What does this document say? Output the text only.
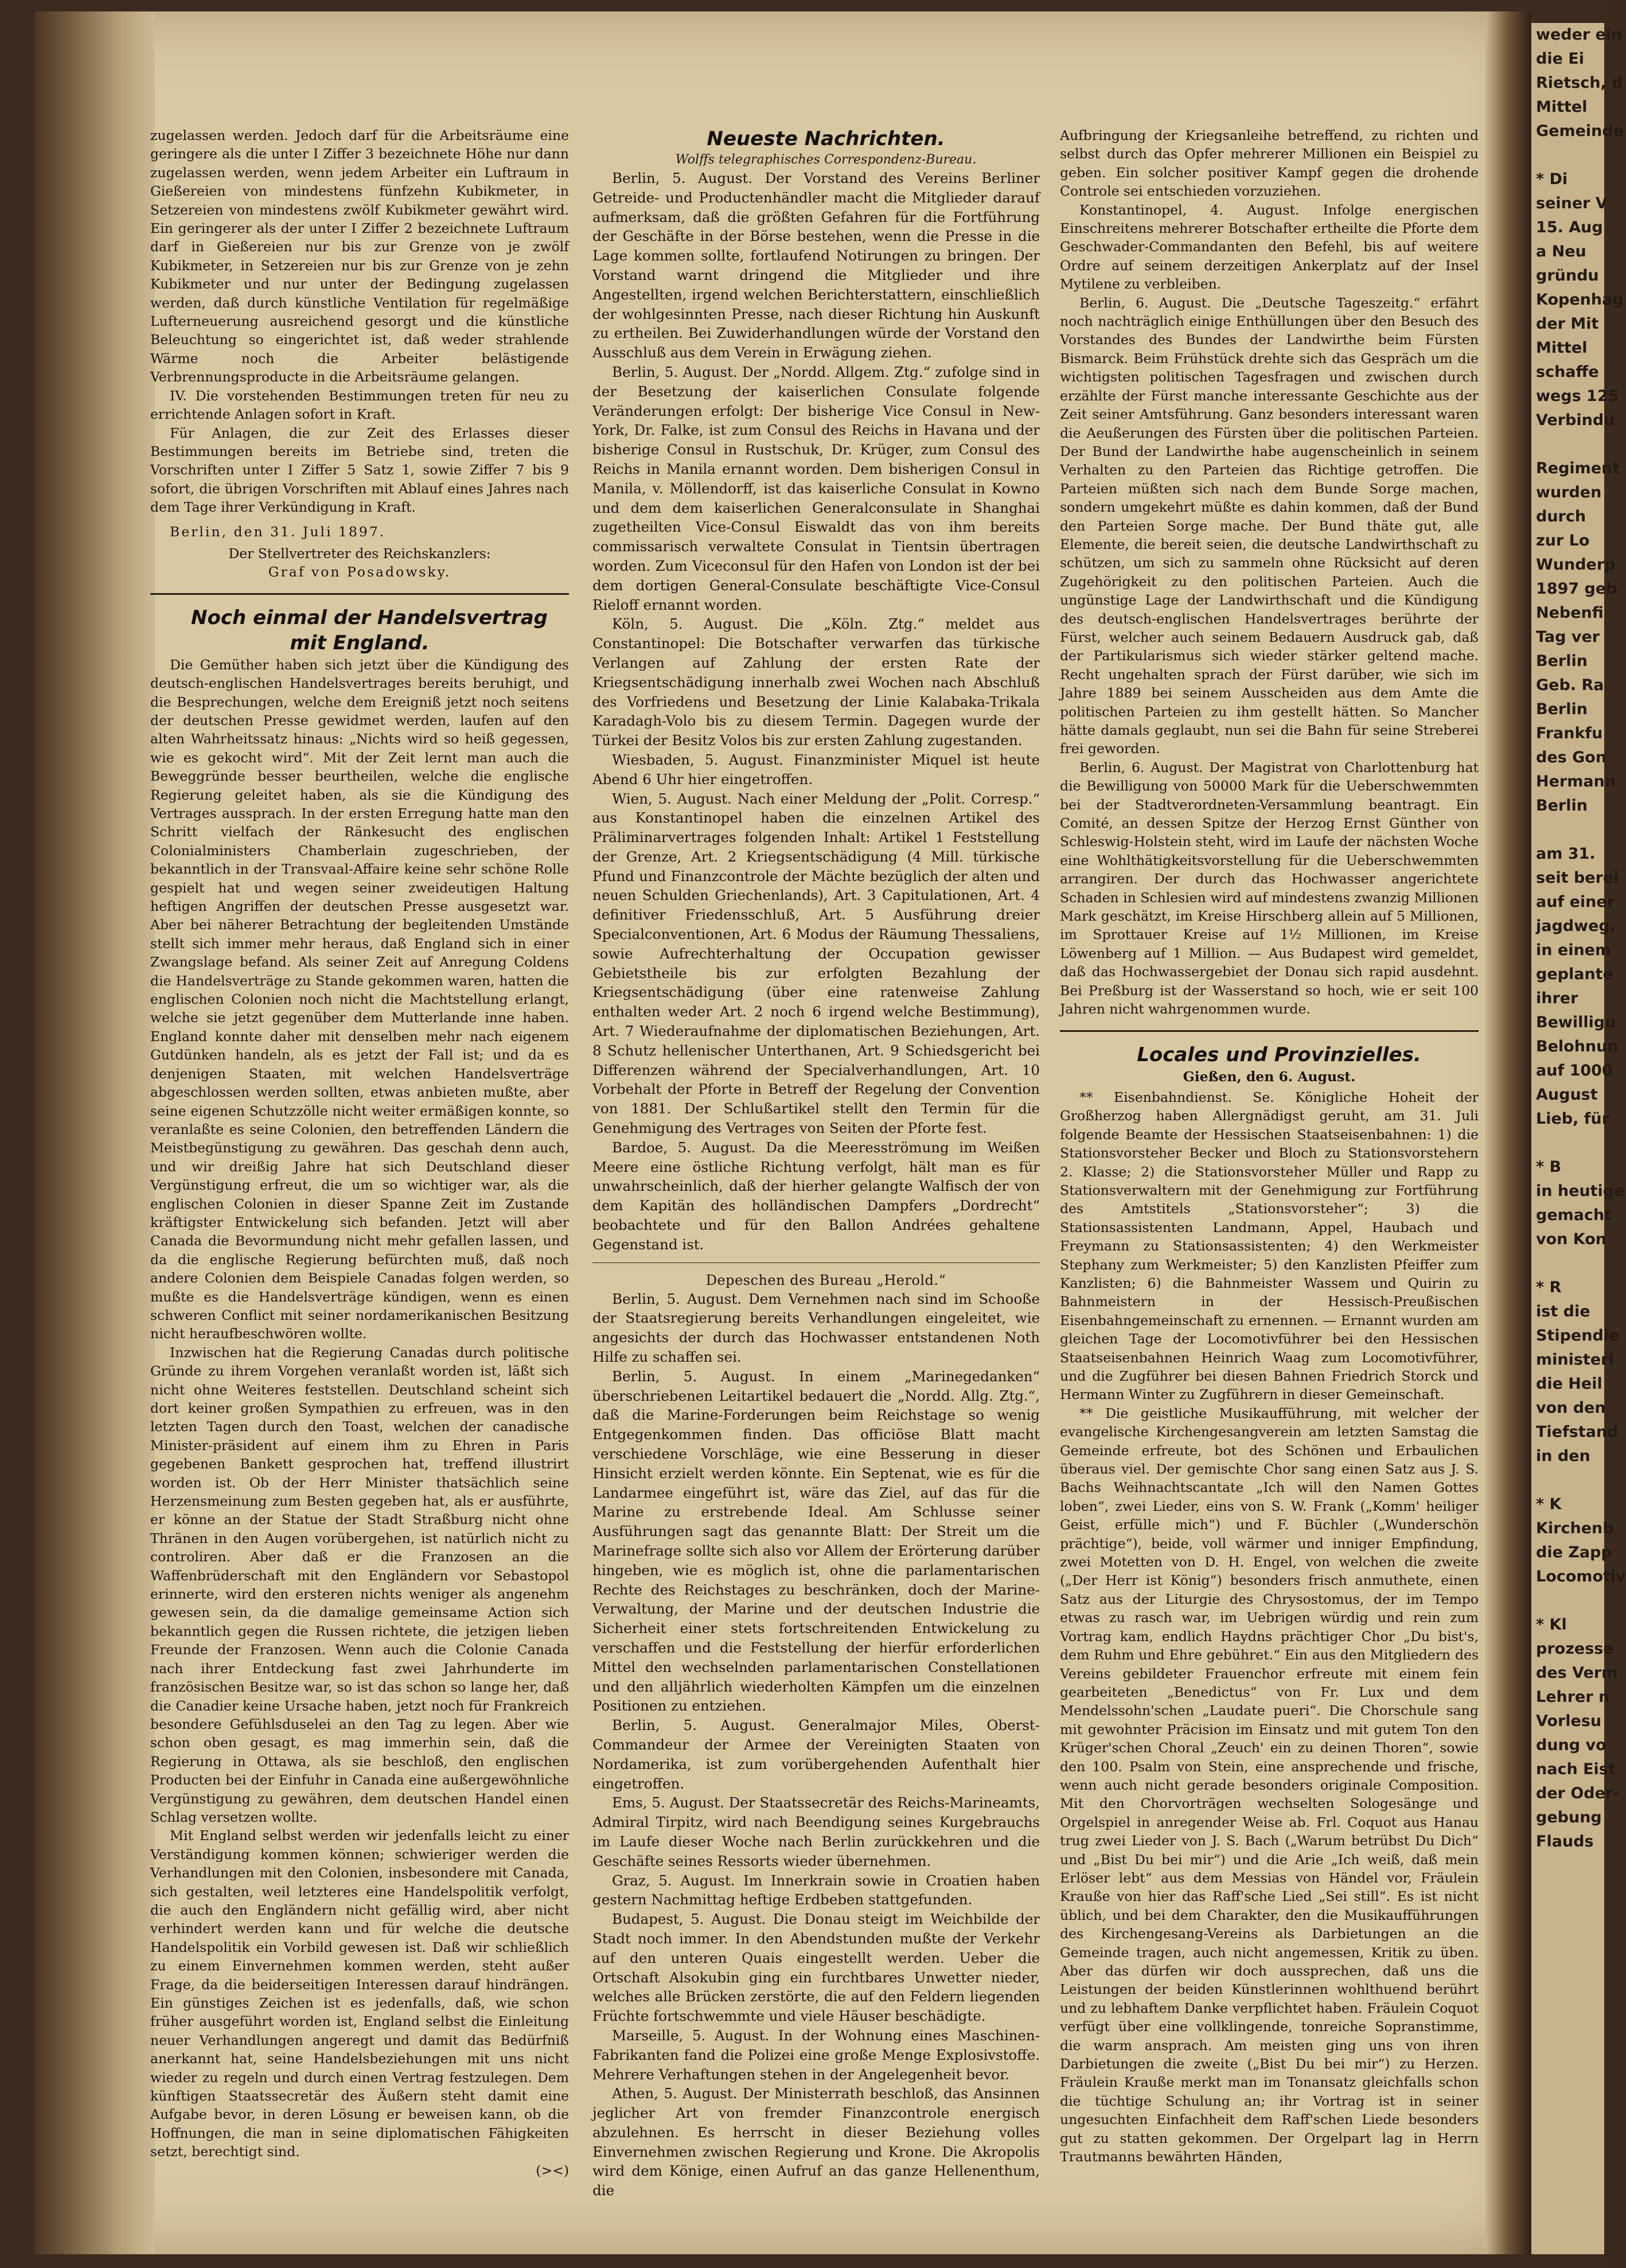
weder ein
die Ei
Rietsch, d
Mittel
Gemeinde

* Di
seiner V
15. Aug
a Neu
gründu
Kopenhag
der Mit
Mittel
schaffe
wegs 125
Verbindu

Regiment
wurden
durch
zur Lo
Wunderp
1897 geb
Nebenfi
Tag ver
Berlin
Geb. Ra
Berlin
Frankfu
des Gon
Hermann
Berlin

am 31.
seit berei
auf einer
jagdweg,
in einem
geplante
ihrer
Bewilligu
Belohnun
auf 1000
August
Lieb, für

* B
in heutige
gemacht
von Kon

* R
ist die
Stipendie
ministeri
die Heil
von den
Tiefstand
in den

* K
Kirchenb
die Zapp
Locomotiv

* Kl
prozesse
des Verm
Lehrer n
Vorlesu
dung vo
nach Eist
der Oder-
gebung
Flauds

zugelassen werden. Jedoch darf für die Arbeitsräume eine geringere als die unter I Ziffer 3 bezeichnete Höhe nur dann zugelassen werden, wenn jedem Arbeiter ein Luftraum in Gießereien von mindestens fünfzehn Kubikmeter, in Setzereien von mindestens zwölf Kubikmeter gewährt wird. Ein geringerer als der unter I Ziffer 2 bezeichnete Luftraum darf in Gießereien nur bis zur Grenze von je zwölf Kubikmeter, in Setzereien nur bis zur Grenze von je zehn Kubikmeter und nur unter der Bedingung zugelassen werden, daß durch künstliche Ventilation für regelmäßige Lufterneuerung ausreichend gesorgt und die künstliche Beleuchtung so eingerichtet ist, daß weder strahlende Wärme noch die Arbeiter belästigende Verbrennungsproducte in die Arbeitsräume gelangen.

IV. Die vorstehenden Bestimmungen treten für neu zu errichtende Anlagen sofort in Kraft.

Für Anlagen, die zur Zeit des Erlasses dieser Bestimmungen bereits im Betriebe sind, treten die Vorschriften unter I Ziffer 5 Satz 1, sowie Ziffer 7 bis 9 sofort, die übrigen Vorschriften mit Ablauf eines Jahres nach dem Tage ihrer Verkündigung in Kraft.

Berlin, den 31. Juli 1897.

Der Stellvertreter des Reichskanzlers:

Graf von Posadowsky.

Noch einmal der Handelsvertrag mit England.

Die Gemüther haben sich jetzt über die Kündigung des deutsch-englischen Handelsvertrages bereits beruhigt, und die Besprechungen, welche dem Ereigniß jetzt noch seitens der deutschen Presse gewidmet werden, laufen auf den alten Wahrheitssatz hinaus: „Nichts wird so heiß gegessen, wie es gekocht wird“. Mit der Zeit lernt man auch die Beweggründe besser beurtheilen, welche die englische Regierung geleitet haben, als sie die Kündigung des Vertrages aussprach. In der ersten Erregung hatte man den Schritt vielfach der Ränkesucht des englischen Colonialministers Chamberlain zugeschrieben, der bekanntlich in der Transvaal-Affaire keine sehr schöne Rolle gespielt hat und wegen seiner zweideutigen Haltung heftigen Angriffen der deutschen Presse ausgesetzt war. Aber bei näherer Betrachtung der begleitenden Umstände stellt sich immer mehr heraus, daß England sich in einer Zwangslage befand. Als seiner Zeit auf Anregung Coldens die Handelsverträge zu Stande gekommen waren, hatten die englischen Colonien noch nicht die Machtstellung erlangt, welche sie jetzt gegenüber dem Mutterlande inne haben. England konnte daher mit denselben mehr nach eigenem Gutdünken handeln, als es jetzt der Fall ist; und da es denjenigen Staaten, mit welchen Handelsverträge abgeschlossen werden sollten, etwas anbieten mußte, aber seine eigenen Schutzzölle nicht weiter ermäßigen konnte, so veranlaßte es seine Colonien, den betreffenden Ländern die Meistbegünstigung zu gewähren. Das geschah denn auch, und wir dreißig Jahre hat sich Deutschland dieser Vergünstigung erfreut, die um so wichtiger war, als die englischen Colonien in dieser Spanne Zeit im Zustande kräftigster Entwickelung sich befanden. Jetzt will aber Canada die Bevormundung nicht mehr gefallen lassen, und da die englische Regierung befürchten muß, daß noch andere Colonien dem Beispiele Canadas folgen werden, so mußte es die Handelsverträge kündigen, wenn es einen schweren Conflict mit seiner nordamerikanischen Besitzung nicht heraufbeschwören wollte.

Inzwischen hat die Regierung Canadas durch politische Gründe zu ihrem Vorgehen veranlaßt worden ist, läßt sich nicht ohne Weiteres feststellen. Deutschland scheint sich dort keiner großen Sympathien zu erfreuen, was in den letzten Tagen durch den Toast, welchen der canadische Minister-präsident auf einem ihm zu Ehren in Paris gegebenen Bankett gesprochen hat, treffend illustrirt worden ist. Ob der Herr Minister thatsächlich seine Herzensmeinung zum Besten gegeben hat, als er ausführte, er könne an der Statue der Stadt Straßburg nicht ohne Thränen in den Augen vorübergehen, ist natürlich nicht zu controliren. Aber daß er die Franzosen an die Waffenbrüderschaft mit den Engländern vor Sebastopol erinnerte, wird den ersteren nichts weniger als angenehm gewesen sein, da die damalige gemeinsame Action sich bekanntlich gegen die Russen richtete, die jetzigen lieben Freunde der Franzosen. Wenn auch die Colonie Canada nach ihrer Entdeckung fast zwei Jahrhunderte im französischen Besitze war, so ist das schon so lange her, daß die Canadier keine Ursache haben, jetzt noch für Frankreich besondere Gefühlsduselei an den Tag zu legen. Aber wie schon oben gesagt, es mag immerhin sein, daß die Regierung in Ottawa, als sie beschloß, den englischen Producten bei der Einfuhr in Canada eine außergewöhnliche Vergünstigung zu gewähren, dem deutschen Handel einen Schlag versetzen wollte.

Mit England selbst werden wir jedenfalls leicht zu einer Verständigung kommen können; schwieriger werden die Verhandlungen mit den Colonien, insbesondere mit Canada, sich gestalten, weil letzteres eine Handelspolitik verfolgt, die auch den Engländern nicht gefällig wird, aber nicht verhindert werden kann und für welche die deutsche Handelspolitik ein Vorbild gewesen ist. Daß wir schließlich zu einem Einvernehmen kommen werden, steht außer Frage, da die beiderseitigen Interessen darauf hindrängen. Ein günstiges Zeichen ist es jedenfalls, daß, wie schon früher ausgeführt worden ist, England selbst die Einleitung neuer Verhandlungen angeregt und damit das Bedürfniß anerkannt hat, seine Handelsbeziehungen mit uns nicht wieder zu regeln und durch einen Vertrag festzulegen. Dem künftigen Staatssecretär des Äußern steht damit eine Aufgabe bevor, in deren Lösung er beweisen kann, ob die Hoffnungen, die man in seine diplomatischen Fähigkeiten setzt, berechtigt sind.

(><)

Neueste Nachrichten.

Wolffs telegraphisches Correspondenz-Bureau.

Berlin, 5. August. Der Vorstand des Vereins Berliner Getreide- und Productenhändler macht die Mitglieder darauf aufmerksam, daß die größten Gefahren für die Fortführung der Geschäfte in der Börse bestehen, wenn die Presse in die Lage kommen sollte, fortlaufend Notirungen zu bringen. Der Vorstand warnt dringend die Mitglieder und ihre Angestellten, irgend welchen Berichterstattern, einschließlich der wohlgesinnten Presse, nach dieser Richtung hin Auskunft zu ertheilen. Bei Zuwiderhandlungen würde der Vorstand den Ausschluß aus dem Verein in Erwägung ziehen.

Berlin, 5. August. Der „Nordd. Allgem. Ztg.“ zufolge sind in der Besetzung der kaiserlichen Consulate folgende Veränderungen erfolgt: Der bisherige Vice Consul in New-York, Dr. Falke, ist zum Consul des Reichs in Havana und der bisherige Consul in Rustschuk, Dr. Krüger, zum Consul des Reichs in Manila ernannt worden. Dem bisherigen Consul in Manila, v. Möllendorff, ist das kaiserliche Consulat in Kowno und dem dem kaiserlichen Generalconsulate in Shanghai zugetheilten Vice-Consul Eiswaldt das von ihm bereits commissarisch verwaltete Consulat in Tientsin übertragen worden. Zum Viceconsul für den Hafen von London ist der bei dem dortigen General-Consulate beschäftigte Vice-Consul Rieloff ernannt worden.

Köln, 5. August. Die „Köln. Ztg.“ meldet aus Constantinopel: Die Botschafter verwarfen das türkische Verlangen auf Zahlung der ersten Rate der Kriegsentschädigung innerhalb zwei Wochen nach Abschluß des Vorfriedens und Besetzung der Linie Kalabaka-Trikala Karadagh-Volo bis zu diesem Termin. Dagegen wurde der Türkei der Besitz Volos bis zur ersten Zahlung zugestanden.

Wiesbaden, 5. August. Finanzminister Miquel ist heute Abend 6 Uhr hier eingetroffen.

Wien, 5. August. Nach einer Meldung der „Polit. Corresp.“ aus Konstantinopel haben die einzelnen Artikel des Präliminarvertrages folgenden Inhalt: Artikel 1 Feststellung der Grenze, Art. 2 Kriegsentschädigung (4 Mill. türkische Pfund und Finanzcontrole der Mächte bezüglich der alten und neuen Schulden Griechenlands), Art. 3 Capitulationen, Art. 4 definitiver Friedensschluß, Art. 5 Ausführung dreier Specialconventionen, Art. 6 Modus der Räumung Thessaliens, sowie Aufrechterhaltung der Occupation gewisser Gebietstheile bis zur erfolgten Bezahlung der Kriegsentschädigung (über eine ratenweise Zahlung enthalten weder Art. 2 noch 6 irgend welche Bestimmung), Art. 7 Wiederaufnahme der diplomatischen Beziehungen, Art. 8 Schutz hellenischer Unterthanen, Art. 9 Schiedsgericht bei Differenzen während der Specialverhandlungen, Art. 10 Vorbehalt der Pforte in Betreff der Regelung der Convention von 1881. Der Schlußartikel stellt den Termin für die Genehmigung des Vertrages von Seiten der Pforte fest.

Bardoe, 5. August. Da die Meeresströmung im Weißen Meere eine östliche Richtung verfolgt, hält man es für unwahrscheinlich, daß der hierher gelangte Walfisch der von dem Kapitän des holländischen Dampfers „Dordrecht“ beobachtete und für den Ballon Andrées gehaltene Gegenstand ist.

Depeschen des Bureau „Herold.“

Berlin, 5. August. Dem Vernehmen nach sind im Schooße der Staatsregierung bereits Verhandlungen eingeleitet, wie angesichts der durch das Hochwasser entstandenen Noth Hilfe zu schaffen sei.

Berlin, 5. August. In einem „Marinegedanken“ überschriebenen Leitartikel bedauert die „Nordd. Allg. Ztg.“, daß die Marine-Forderungen beim Reichstage so wenig Entgegenkommen finden. Das officiöse Blatt macht verschiedene Vorschläge, wie eine Besserung in dieser Hinsicht erzielt werden könnte. Ein Septenat, wie es für die Landarmee eingeführt ist, wäre das Ziel, auf das für die Marine zu erstrebende Ideal. Am Schlusse seiner Ausführungen sagt das genannte Blatt: Der Streit um die Marinefrage sollte sich also vor Allem der Erörterung darüber hingeben, wie es möglich ist, ohne die parlamentarischen Rechte des Reichstages zu beschränken, doch der Marine-Verwaltung, der Marine und der deutschen Industrie die Sicherheit einer stets fortschreitenden Entwickelung zu verschaffen und die Feststellung der hierfür erforderlichen Mittel den wechselnden parlamentarischen Constellationen und den alljährlich wiederholten Kämpfen um die einzelnen Positionen zu entziehen.

Berlin, 5. August. Generalmajor Miles, Oberst-Commandeur der Armee der Vereinigten Staaten von Nordamerika, ist zum vorübergehenden Aufenthalt hier eingetroffen.

Ems, 5. August. Der Staatssecretär des Reichs-Marineamts, Admiral Tirpitz, wird nach Beendigung seines Kurgebrauchs im Laufe dieser Woche nach Berlin zurückkehren und die Geschäfte seines Ressorts wieder übernehmen.

Graz, 5. August. Im Innerkrain sowie in Croatien haben gestern Nachmittag heftige Erdbeben stattgefunden.

Budapest, 5. August. Die Donau steigt im Weichbilde der Stadt noch immer. In den Abendstunden mußte der Verkehr auf den unteren Quais eingestellt werden. Ueber die Ortschaft Alsokubin ging ein furchtbares Unwetter nieder, welches alle Brücken zerstörte, die auf den Feldern liegenden Früchte fortschwemmte und viele Häuser beschädigte.

Marseille, 5. August. In der Wohnung eines Maschinen-Fabrikanten fand die Polizei eine große Menge Explosivstoffe. Mehrere Verhaftungen stehen in der Angelegenheit bevor.

Athen, 5. August. Der Ministerrath beschloß, das Ansinnen jeglicher Art von fremder Finanzcontrole energisch abzulehnen. Es herrscht in dieser Beziehung volles Einvernehmen zwischen Regierung und Krone. Die Akropolis wird dem Könige, einen Aufruf an das ganze Hellenenthum, die

Aufbringung der Kriegsanleihe betreffend, zu richten und selbst durch das Opfer mehrerer Millionen ein Beispiel zu geben. Ein solcher positiver Kampf gegen die drohende Controle sei entschieden vorzuziehen.

Konstantinopel, 4. August. Infolge energischen Einschreitens mehrerer Botschafter ertheilte die Pforte dem Geschwader-Commandanten den Befehl, bis auf weitere Ordre auf seinem derzeitigen Ankerplatz auf der Insel Mytilene zu verbleiben.

Berlin, 6. August. Die „Deutsche Tageszeitg.“ erfährt noch nachträglich einige Enthüllungen über den Besuch des Vorstandes des Bundes der Landwirthe beim Fürsten Bismarck. Beim Frühstück drehte sich das Gespräch um die wichtigsten politischen Tagesfragen und zwischen durch erzählte der Fürst manche interessante Geschichte aus der Zeit seiner Amtsführung. Ganz besonders interessant waren die Aeußerungen des Fürsten über die politischen Parteien. Der Bund der Landwirthe habe augenscheinlich in seinem Verhalten zu den Parteien das Richtige getroffen. Die Parteien müßten sich nach dem Bunde Sorge machen, sondern umgekehrt müßte es dahin kommen, daß der Bund den Parteien Sorge mache. Der Bund thäte gut, alle Elemente, die bereit seien, die deutsche Landwirthschaft zu schützen, um sich zu sammeln ohne Rücksicht auf deren Zugehörigkeit zu den politischen Parteien. Auch die ungünstige Lage der Landwirthschaft und die Kündigung des deutsch-englischen Handelsvertrages berührte der Fürst, welcher auch seinem Bedauern Ausdruck gab, daß der Partikularismus sich wieder stärker geltend mache. Recht ungehalten sprach der Fürst darüber, wie sich im Jahre 1889 bei seinem Ausscheiden aus dem Amte die politischen Parteien zu ihm gestellt hätten. So Mancher hätte damals geglaubt, nun sei die Bahn für seine Streberei frei geworden.

Berlin, 6. August. Der Magistrat von Charlottenburg hat die Bewilligung von 50000 Mark für die Ueberschwemmten bei der Stadtverordneten-Versammlung beantragt. Ein Comité, an dessen Spitze der Herzog Ernst Günther von Schleswig-Holstein steht, wird im Laufe der nächsten Woche eine Wohlthätigkeitsvorstellung für die Ueberschwemmten arrangiren. Der durch das Hochwasser angerichtete Schaden in Schlesien wird auf mindestens zwanzig Millionen Mark geschätzt, im Kreise Hirschberg allein auf 5 Millionen, im Sprottauer Kreise auf 1½ Millionen, im Kreise Löwenberg auf 1 Million. — Aus Budapest wird gemeldet, daß das Hochwassergebiet der Donau sich rapid ausdehnt. Bei Preßburg ist der Wasserstand so hoch, wie er seit 100 Jahren nicht wahrgenommen wurde.

Locales und Provinzielles.

Gießen, den 6. August.

** Eisenbahndienst. Se. Königliche Hoheit der Großherzog haben Allergnädigst geruht, am 31. Juli folgende Beamte der Hessischen Staatseisenbahnen: 1) die Stationsvorsteher Becker und Bloch zu Stationsvorstehern 2. Klasse; 2) die Stationsvorsteher Müller und Rapp zu Stationsverwaltern mit der Genehmigung zur Fortführung des Amtstitels „Stationsvorsteher“; 3) die Stationsassistenten Landmann, Appel, Haubach und Freymann zu Stationsassistenten; 4) den Werkmeister Stephany zum Werkmeister; 5) den Kanzlisten Pfeiffer zum Kanzlisten; 6) die Bahnmeister Wassem und Quirin zu Bahnmeistern in der Hessisch-Preußischen Eisenbahngemeinschaft zu ernennen. — Ernannt wurden am gleichen Tage der Locomotivführer bei den Hessischen Staatseisenbahnen Heinrich Waag zum Locomotivführer, und die Zugführer bei diesen Bahnen Friedrich Storck und Hermann Winter zu Zugführern in dieser Gemeinschaft.

** Die geistliche Musikaufführung, mit welcher der evangelische Kirchengesangverein am letzten Samstag die Gemeinde erfreute, bot des Schönen und Erbaulichen überaus viel. Der gemischte Chor sang einen Satz aus J. S. Bachs Weihnachtscantate „Ich will den Namen Gottes loben“, zwei Lieder, eins von S. W. Frank („Komm' heiliger Geist, erfülle mich“) und F. Büchler („Wunderschön prächtige“), beide, voll wärmer und inniger Empfindung, zwei Motetten von D. H. Engel, von welchen die zweite („Der Herr ist König“) besonders frisch anmuthete, einen Satz aus der Liturgie des Chrysostomus, der im Tempo etwas zu rasch war, im Uebrigen würdig und rein zum Vortrag kam, endlich Haydns prächtiger Chor „Du bist's, dem Ruhm und Ehre gebühret.“ Ein aus den Mitgliedern des Vereins gebildeter Frauenchor erfreute mit einem fein gearbeiteten „Benedictus“ von Fr. Lux und dem Mendelssohn'schen „Laudate pueri“. Die Chorschule sang mit gewohnter Präcision im Einsatz und mit gutem Ton den Krüger'schen Choral „Zeuch' ein zu deinen Thoren“, sowie den 100. Psalm von Stein, eine ansprechende und frische, wenn auch nicht gerade besonders originale Composition. Mit den Chorvorträgen wechselten Sologesänge und Orgelspiel in anregender Weise ab. Frl. Coquot aus Hanau trug zwei Lieder von J. S. Bach („Warum betrübst Du Dich“ und „Bist Du bei mir“) und die Arie „Ich weiß, daß mein Erlöser lebt“ aus dem Messias von Händel vor, Fräulein Krauße von hier das Raff'sche Lied „Sei still“. Es ist nicht üblich, und bei dem Charakter, den die Musikaufführungen des Kirchengesang-Vereins als Darbietungen an die Gemeinde tragen, auch nicht angemessen, Kritik zu üben. Aber das dürfen wir doch aussprechen, daß uns die Leistungen der beiden Künstlerinnen wohlthuend berührt und zu lebhaftem Danke verpflichtet haben. Fräulein Coquot verfügt über eine vollklingende, tonreiche Sopranstimme, die warm ansprach. Am meisten ging uns von ihren Darbietungen die zweite („Bist Du bei mir“) zu Herzen. Fräulein Krauße merkt man im Tonansatz gleichfalls schon die tüchtige Schulung an; ihr Vortrag ist in seiner ungesuchten Einfachheit dem Raff'schen Liede besonders gut zu statten gekommen. Der Orgelpart lag in Herrn Trautmanns bewährten Händen,
